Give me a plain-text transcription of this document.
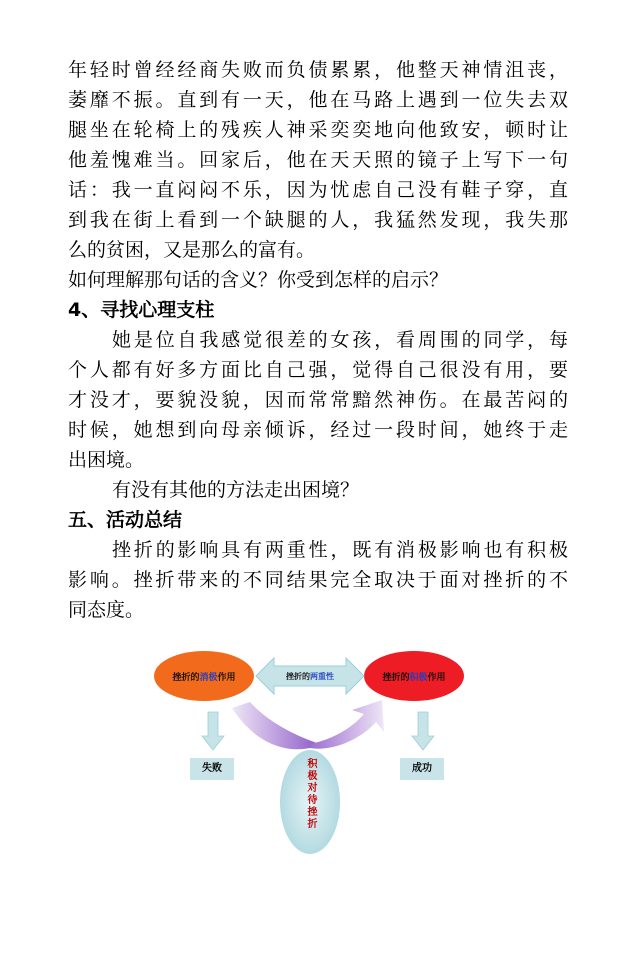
年轻时曾经经商失败而负债累累，他整天神情沮丧，
萎靡不振。直到有一天，他在马路上遇到一位失去双
腿坐在轮椅上的残疾人神采奕奕地向他致安，顿时让
他羞愧难当。回家后，他在天天照的镜子上写下一句
话：我一直闷闷不乐，因为忧虑自己没有鞋子穿，直
到我在街上看到一个缺腿的人，我猛然发现，我失那
么的贫困，又是那么的富有。
如何理解那句话的含义？你受到怎样的启示？
4、寻找心理支柱
她是位自我感觉很差的女孩，看周围的同学，每
个人都有好多方面比自己强，觉得自己很没有用，要
才没才，要貌没貌，因而常常黯然神伤。在最苦闷的
时候，她想到向母亲倾诉，经过一段时间，她终于走
出困境。
有没有其他的方法走出困境？
五、活动总结
挫折的影响具有两重性，既有消极影响也有积极
影响。挫折带来的不同结果完全取决于面对挫折的不
同态度。
挫折的消极作用	挫折的两重性	挫折的积极作用
失败	成功
积极对待挫折
